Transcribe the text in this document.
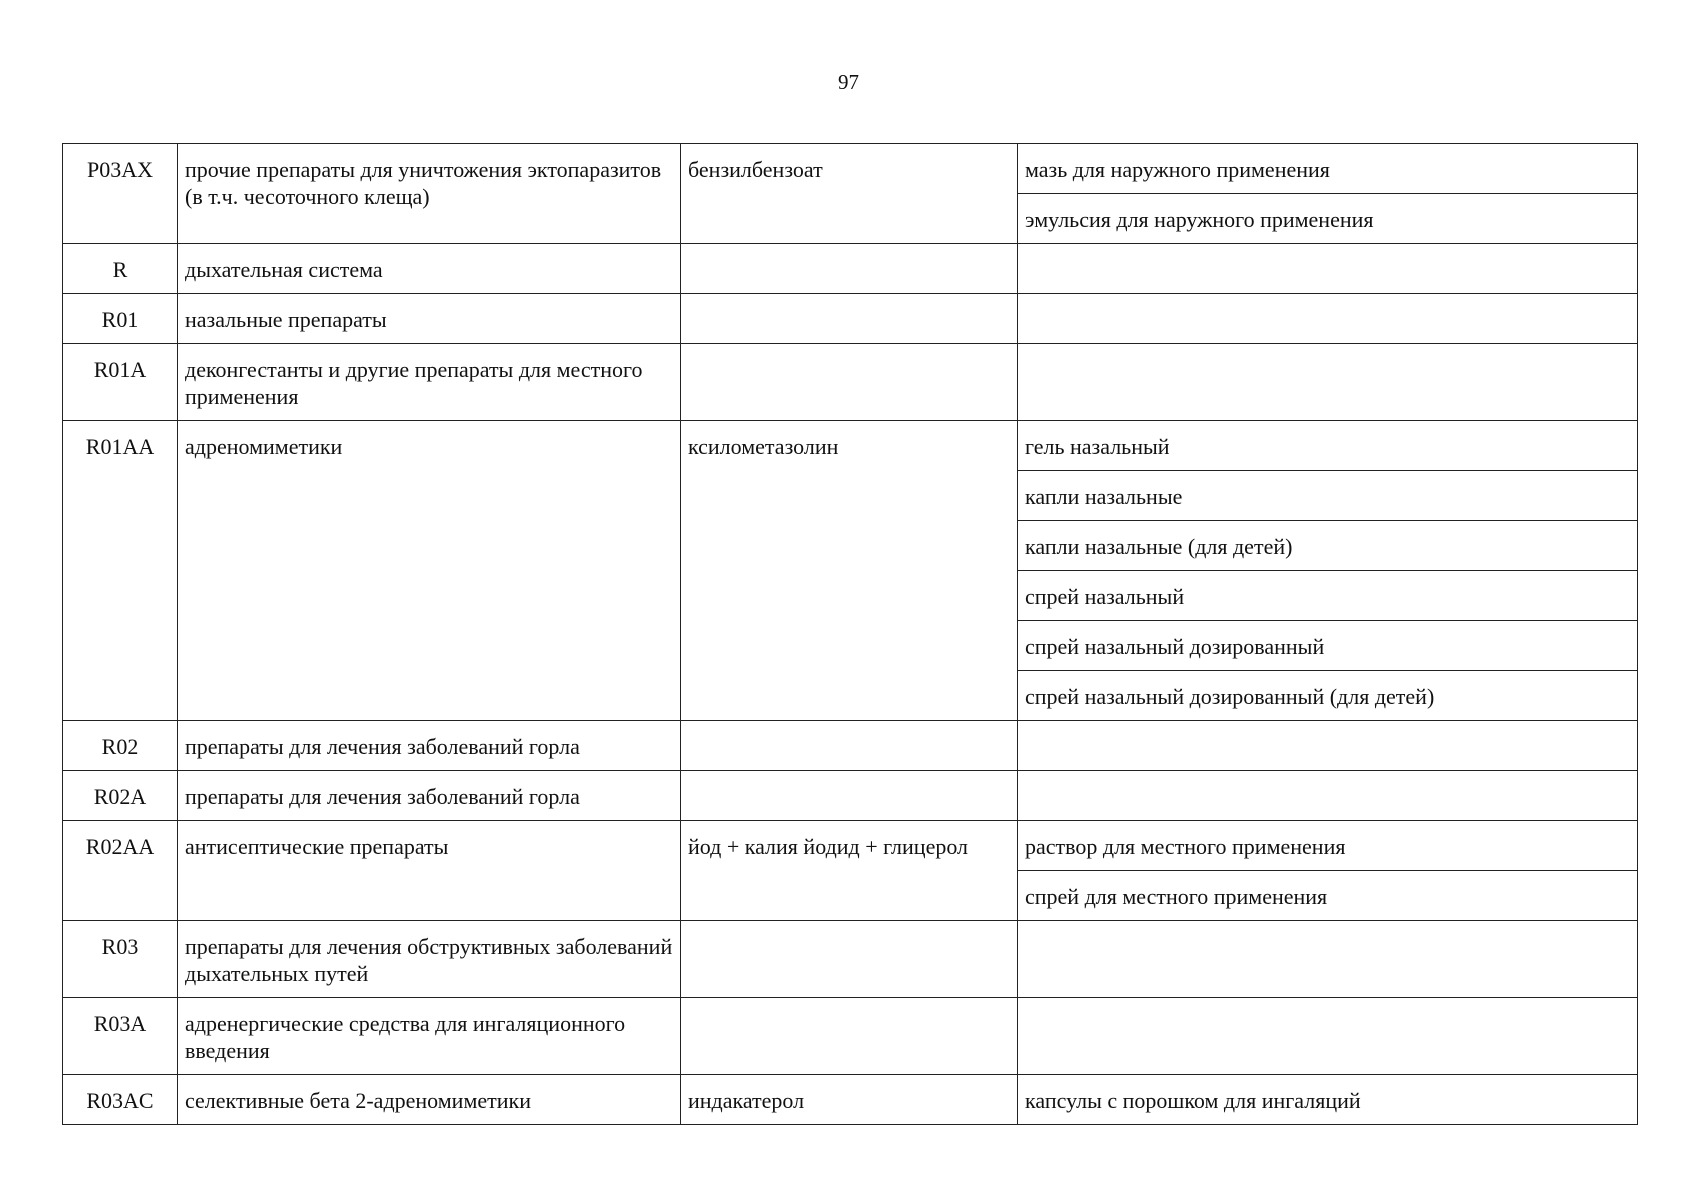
97
P03AX	прочие препараты для уничтожения эктопаразитов (в т.ч. чесоточного клеща)	бензилбензоат	мазь для наружного применения
			эмульсия для наружного применения
R	дыхательная система		
R01	назальные препараты		
R01A	деконгестанты и другие препараты для местного применения		
R01AA	адреномиметики	ксилометазолин	гель назальный
			капли назальные
			капли назальные (для детей)
			спрей назальный
			спрей назальный дозированный
			спрей назальный дозированный (для детей)
R02	препараты для лечения заболеваний горла		
R02A	препараты для лечения заболеваний горла		
R02AA	антисептические препараты	йод + калия йодид + глицерол	раствор для местного применения
			спрей для местного применения
R03	препараты для лечения обструктивных заболеваний дыхательных путей		
R03A	адренергические средства для ингаляционного введения		
R03AC	селективные бета 2-адреномиметики	индакатерол	капсулы с порошком для ингаляций
